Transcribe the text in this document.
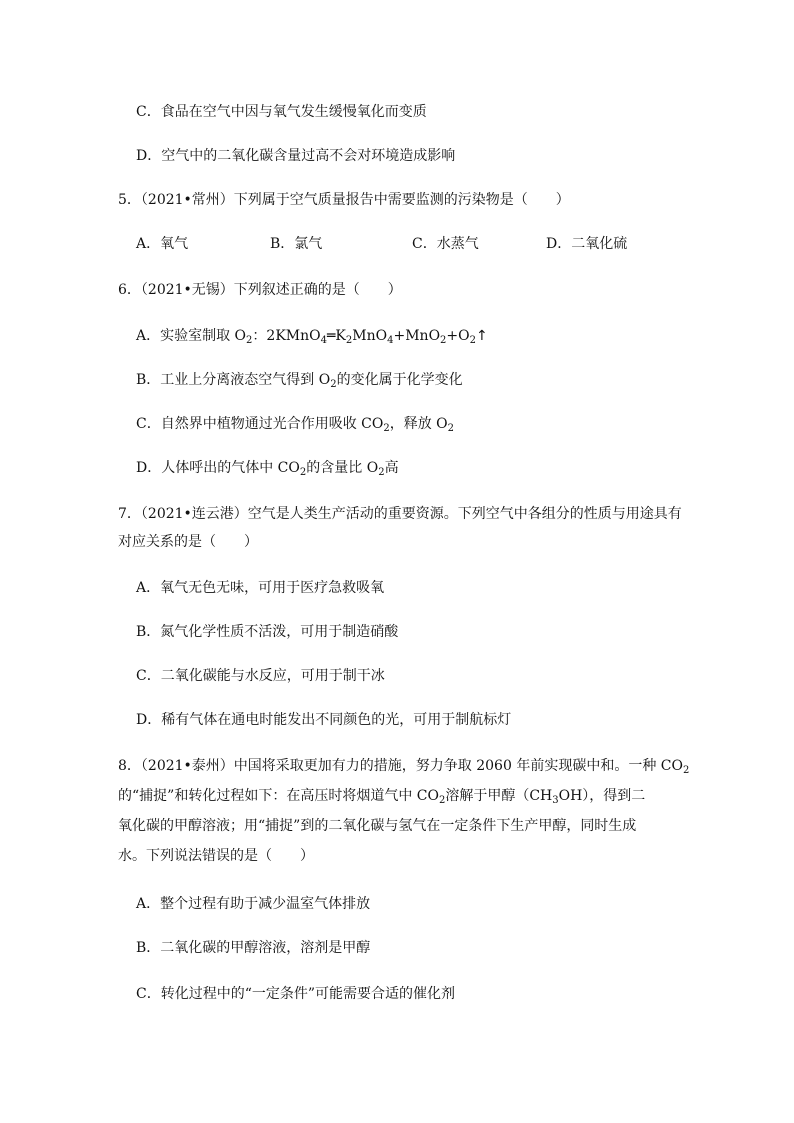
C．食品在空气中因与氧气发生缓慢氧化而变质
D．空气中的二氧化碳含量过高不会对环境造成影响
5．（2021•常州）下列属于空气质量报告中需要监测的污染物是（　　）
A．氧气	B．氯气	C．水蒸气	D．二氧化硫
6．（2021•无锡）下列叙述正确的是（　　）
A．实验室制取 $O_2$：$2KMnO_4═K_2MnO_4+MnO_2+O_2↑$
B．工业上分离液态空气得到 $O_2$的变化属于化学变化
C．自然界中植物通过光合作用吸收 $CO_2$，释放 $O_2$
D．人体呼出的气体中 $CO_2$的含量比 $O_2$高
7．（2021•连云港）空气是人类生产活动的重要资源。下列空气中各组分的性质与用途具有
对应关系的是（　　）
A．氧气无色无味，可用于医疗急救吸氧
B．氮气化学性质不活泼，可用于制造硝酸
C．二氧化碳能与水反应，可用于制干冰
D．稀有气体在通电时能发出不同颜色的光，可用于制航标灯
8．（2021•泰州）中国将采取更加有力的措施，努力争取 2060 年前实现碳中和。一种 $CO_2$
的“捕捉”和转化过程如下：在高压时将烟道气中 $CO_2$溶解于甲醇$(CH_3OH)$，得到二
氧化碳的甲醇溶液；用“捕捉”到的二氧化碳与氢气在一定条件下生产甲醇，同时生成
水。下列说法错误的是（　　）
A．整个过程有助于减少温室气体排放
B．二氧化碳的甲醇溶液，溶剂是甲醇
C．转化过程中的“一定条件”可能需要合适的催化剂
